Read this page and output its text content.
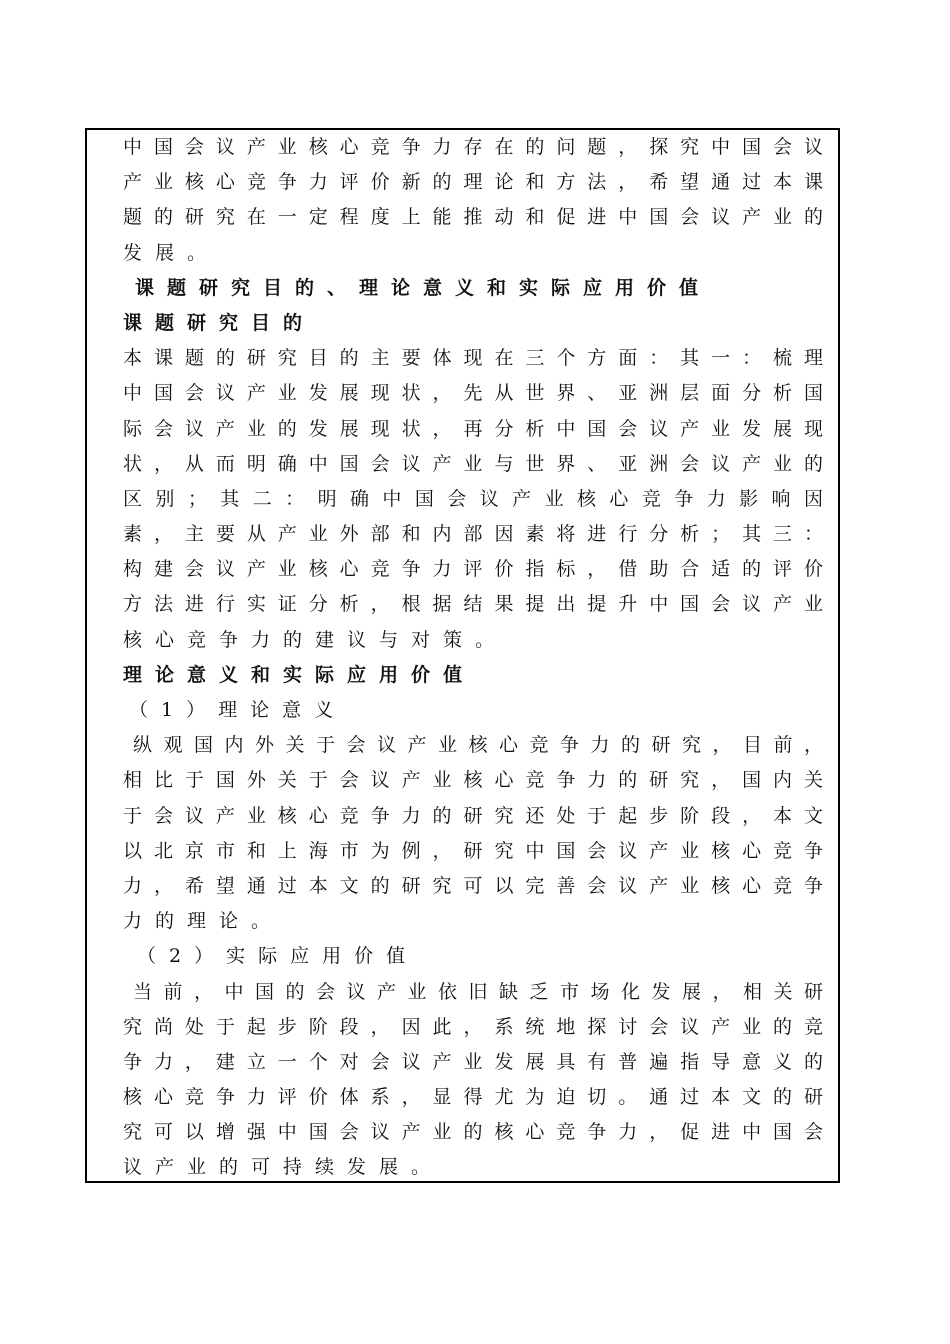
中国会议产业核心竞争力存在的问题，探究中国会议
产业核心竞争力评价新的理论和方法，希望通过本课
题的研究在一定程度上能推动和促进中国会议产业的
发展。
课题研究目的、理论意义和实际应用价值
课题研究目的
本课题的研究目的主要体现在三个方面：其一：梳理
中国会议产业发展现状，先从世界、亚洲层面分析国
际会议产业的发展现状，再分析中国会议产业发展现
状，从而明确中国会议产业与世界、亚洲会议产业的
区别；其二：明确中国会议产业核心竞争力影响因
素，主要从产业外部和内部因素将进行分析；其三：
构建会议产业核心竞争力评价指标，借助合适的评价
方法进行实证分析，根据结果提出提升中国会议产业
核心竞争力的建议与对策。
理论意义和实际应用价值
（1）理论意义
纵观国内外关于会议产业核心竞争力的研究，目前，
相比于国外关于会议产业核心竞争力的研究，国内关
于会议产业核心竞争力的研究还处于起步阶段，本文
以北京市和上海市为例，研究中国会议产业核心竞争
力，希望通过本文的研究可以完善会议产业核心竞争
力的理论。
（2）实际应用价值
当前，中国的会议产业依旧缺乏市场化发展，相关研
究尚处于起步阶段，因此，系统地探讨会议产业的竞
争力，建立一个对会议产业发展具有普遍指导意义的
核心竞争力评价体系，显得尤为迫切。通过本文的研
究可以增强中国会议产业的核心竞争力，促进中国会
议产业的可持续发展。
